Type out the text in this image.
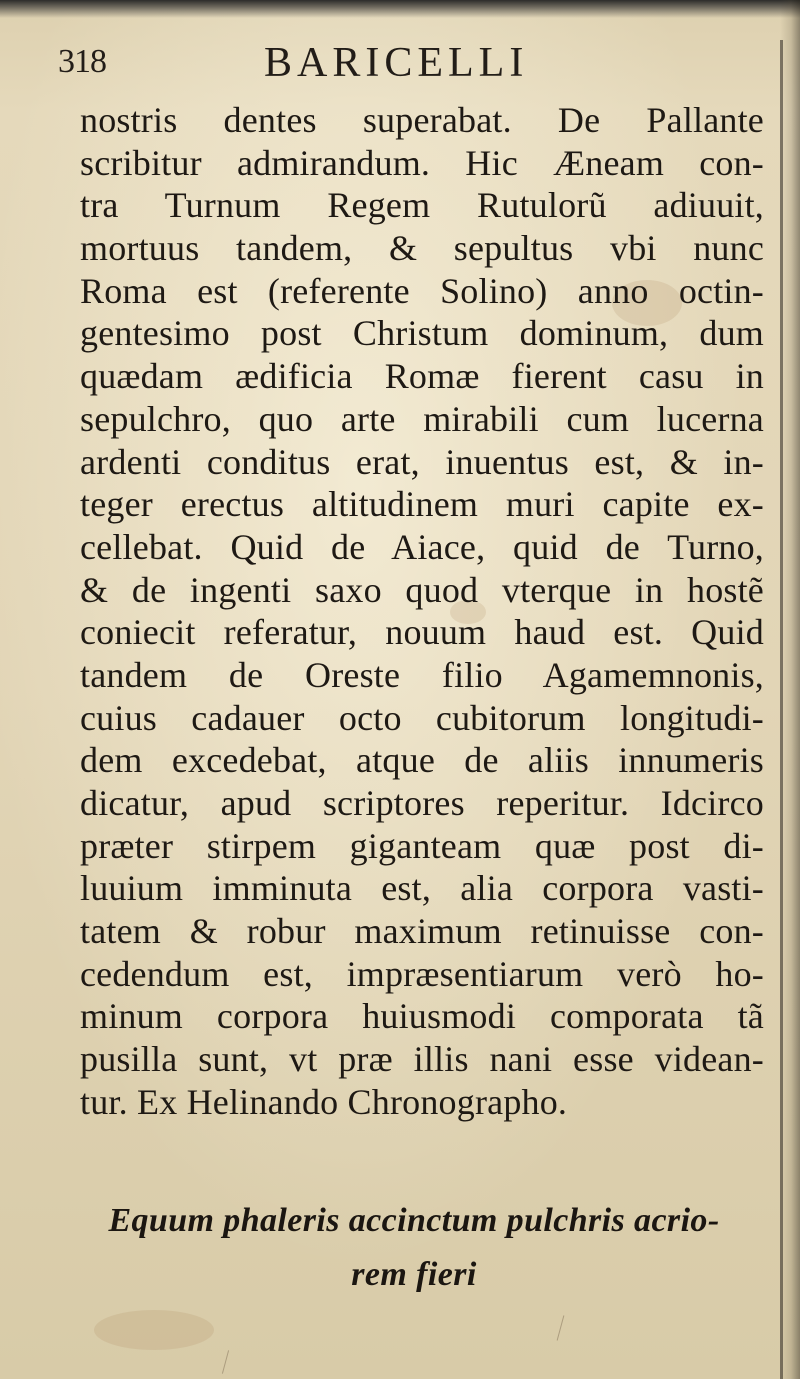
318	BARICELLI
nostris dentes superabat. De Pallante
scribitur admirandum. Hic Æneam con-
tra Turnum Regem Rutulorũ adiuuit,
mortuus tandem, & sepultus vbi nunc
Roma est (referente Solino) anno octin-
gentesimo post Christum dominum, dum
quædam ædificia Romæ fierent casu in
sepulchro, quo arte mirabili cum lucerna
ardenti conditus erat, inuentus est, & in-
teger erectus altitudinem muri capite ex-
cellebat. Quid de Aiace, quid de Turno,
& de ingenti saxo quod vterque in hostẽ
coniecit referatur, nouum haud est. Quid
tandem de Oreste filio Agamemnonis,
cuius cadauer octo cubitorum longitudi-
dem excedebat, atque de aliis innumeris
dicatur, apud scriptores reperitur. Idcirco
præter stirpem giganteam quæ post di-
luuium imminuta est, alia corpora vasti-
tatem & robur maximum retinuisse con-
cedendum est, impræsentiarum verò ho-
minum corpora huiusmodi comporata tã
pusilla sunt, vt præ illis nani esse videan-
tur. Ex Helinando Chronographo.
Equum phaleris accinctum pulchris acrio-
rem fieri
